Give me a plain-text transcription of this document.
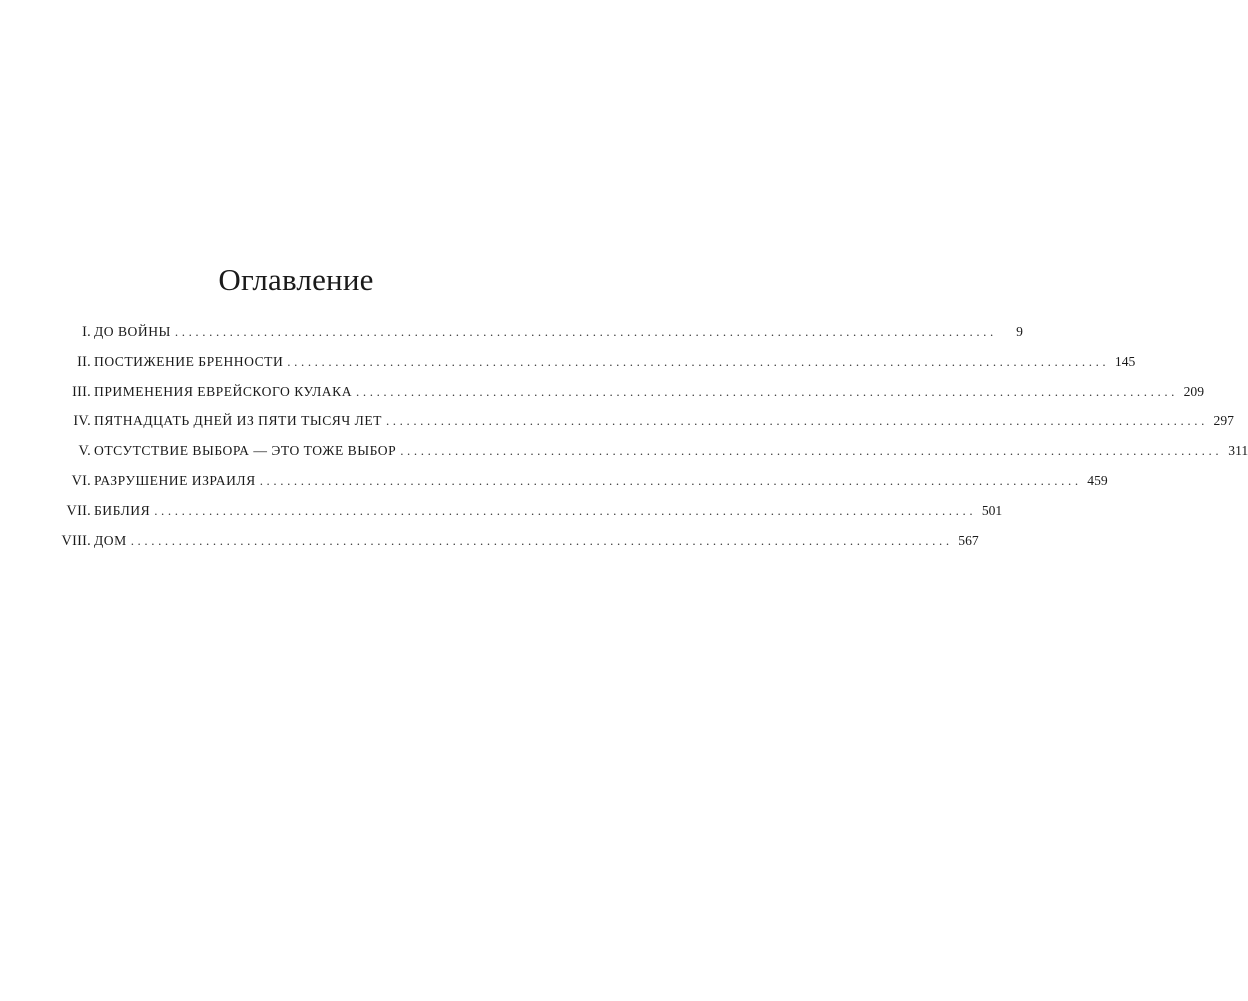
Оглавление
I. ДО ВОЙНЫ ........................................................................................................................	9
II. ПОСТИЖЕНИЕ БРЕННОСТИ ........................................................................................................................ 145
III. ПРИМЕНЕНИЯ ЕВРЕЙСКОГО КУЛАКА ........................................................................................................................ 209
IV. ПЯТНАДЦАТЬ ДНЕЙ ИЗ ПЯТИ ТЫСЯЧ ЛЕТ ........................................................................................................................ 297
V. ОТСУТСТВИЕ ВЫБОРА — ЭТО ТОЖЕ ВЫБОР ........................................................................................................................ 311
VI. РАЗРУШЕНИЕ ИЗРАИЛЯ ........................................................................................................................ 459
VII. БИБЛИЯ ........................................................................................................................ 501
VIII. ДОМ ........................................................................................................................ 567
